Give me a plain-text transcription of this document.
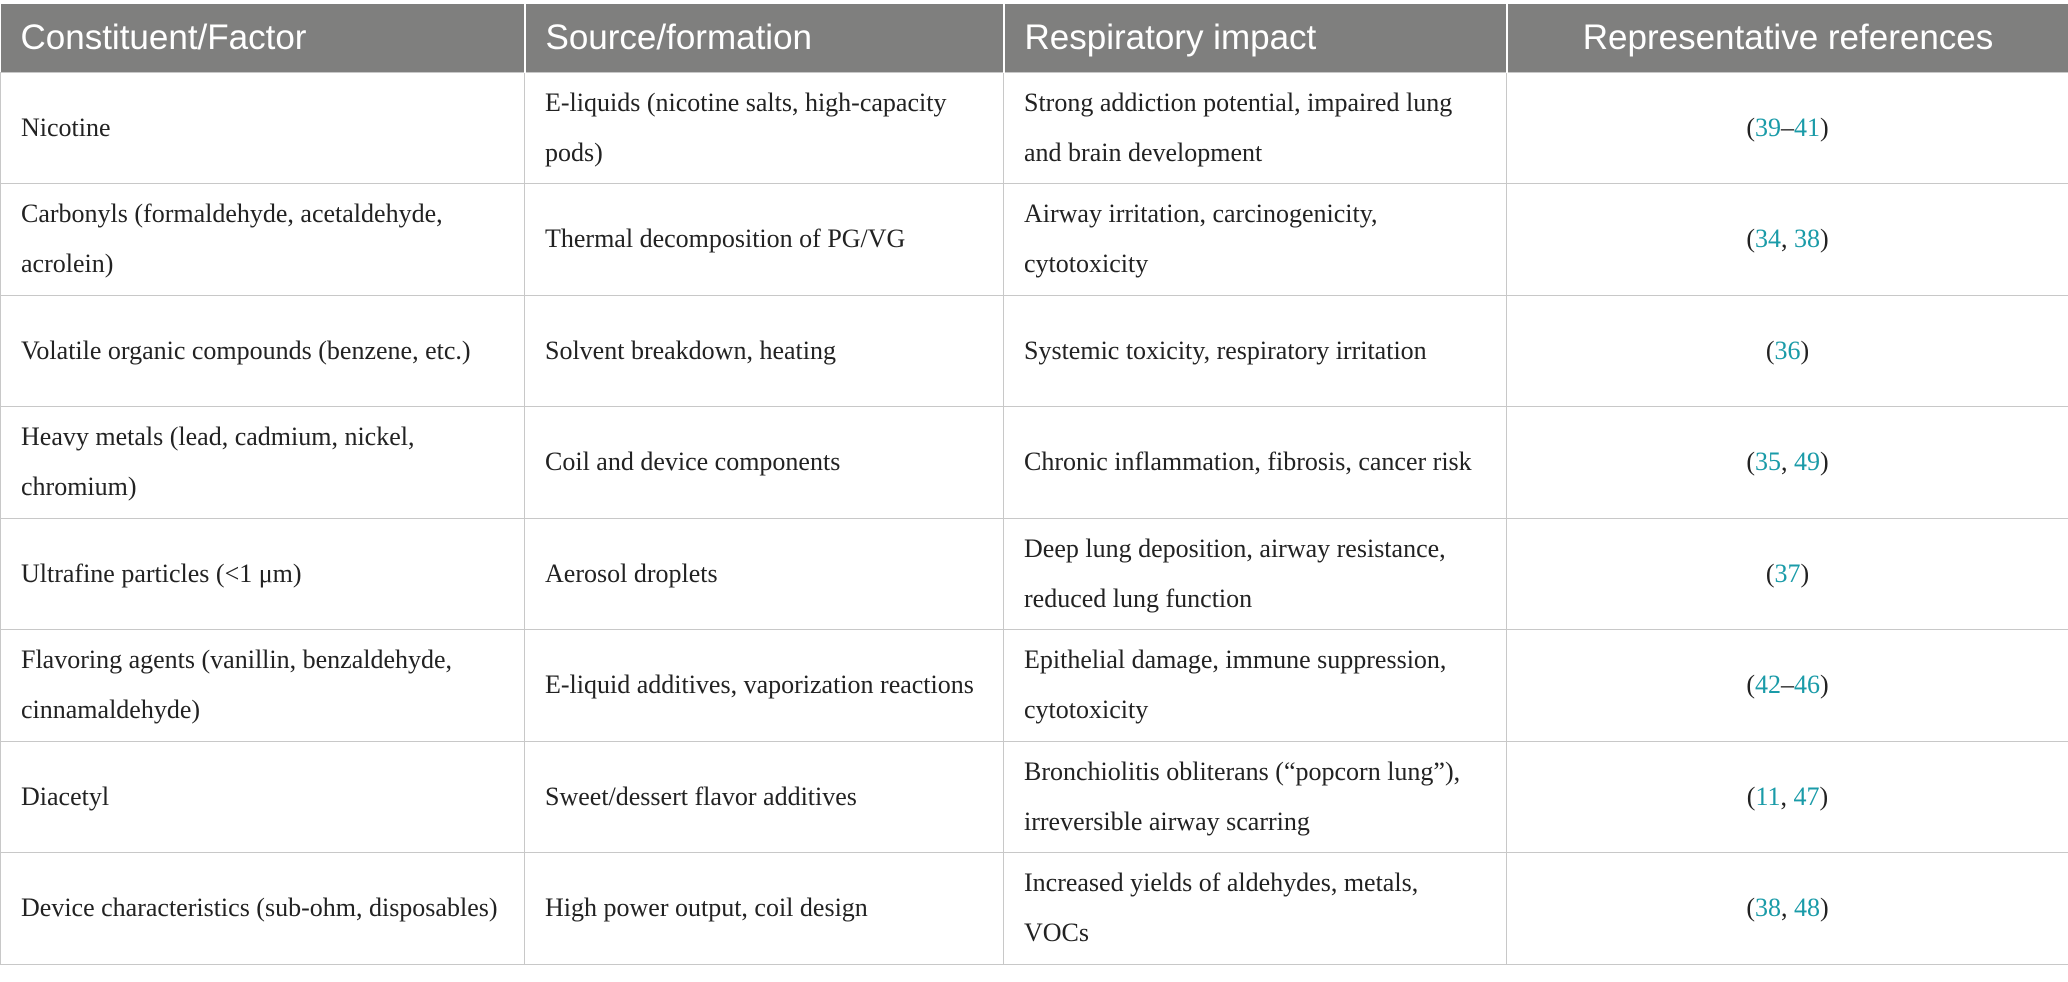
Constituent/Factor	Source/formation	Respiratory impact	Representative references
Nicotine	E-liquids (nicotine salts, high-capacity pods)	Strong addiction potential, impaired lung and brain development	(39–41)
Carbonyls (formaldehyde, acetaldehyde, acrolein)	Thermal decomposition of PG/VG	Airway irritation, carcinogenicity, cytotoxicity	(34, 38)
Volatile organic compounds (benzene, etc.)	Solvent breakdown, heating	Systemic toxicity, respiratory irritation	(36)
Heavy metals (lead, cadmium, nickel, chromium)	Coil and device components	Chronic inflammation, fibrosis, cancer risk	(35, 49)
Ultrafine particles (<1 μm)	Aerosol droplets	Deep lung deposition, airway resistance, reduced lung function	(37)
Flavoring agents (vanillin, benzaldehyde, cinnamaldehyde)	E-liquid additives, vaporization reactions	Epithelial damage, immune suppression, cytotoxicity	(42–46)
Diacetyl	Sweet/dessert flavor additives	Bronchiolitis obliterans (“popcorn lung”), irreversible airway scarring	(11, 47)
Device characteristics (sub-ohm, disposables)	High power output, coil design	Increased yields of aldehydes, metals, VOCs	(38, 48)
